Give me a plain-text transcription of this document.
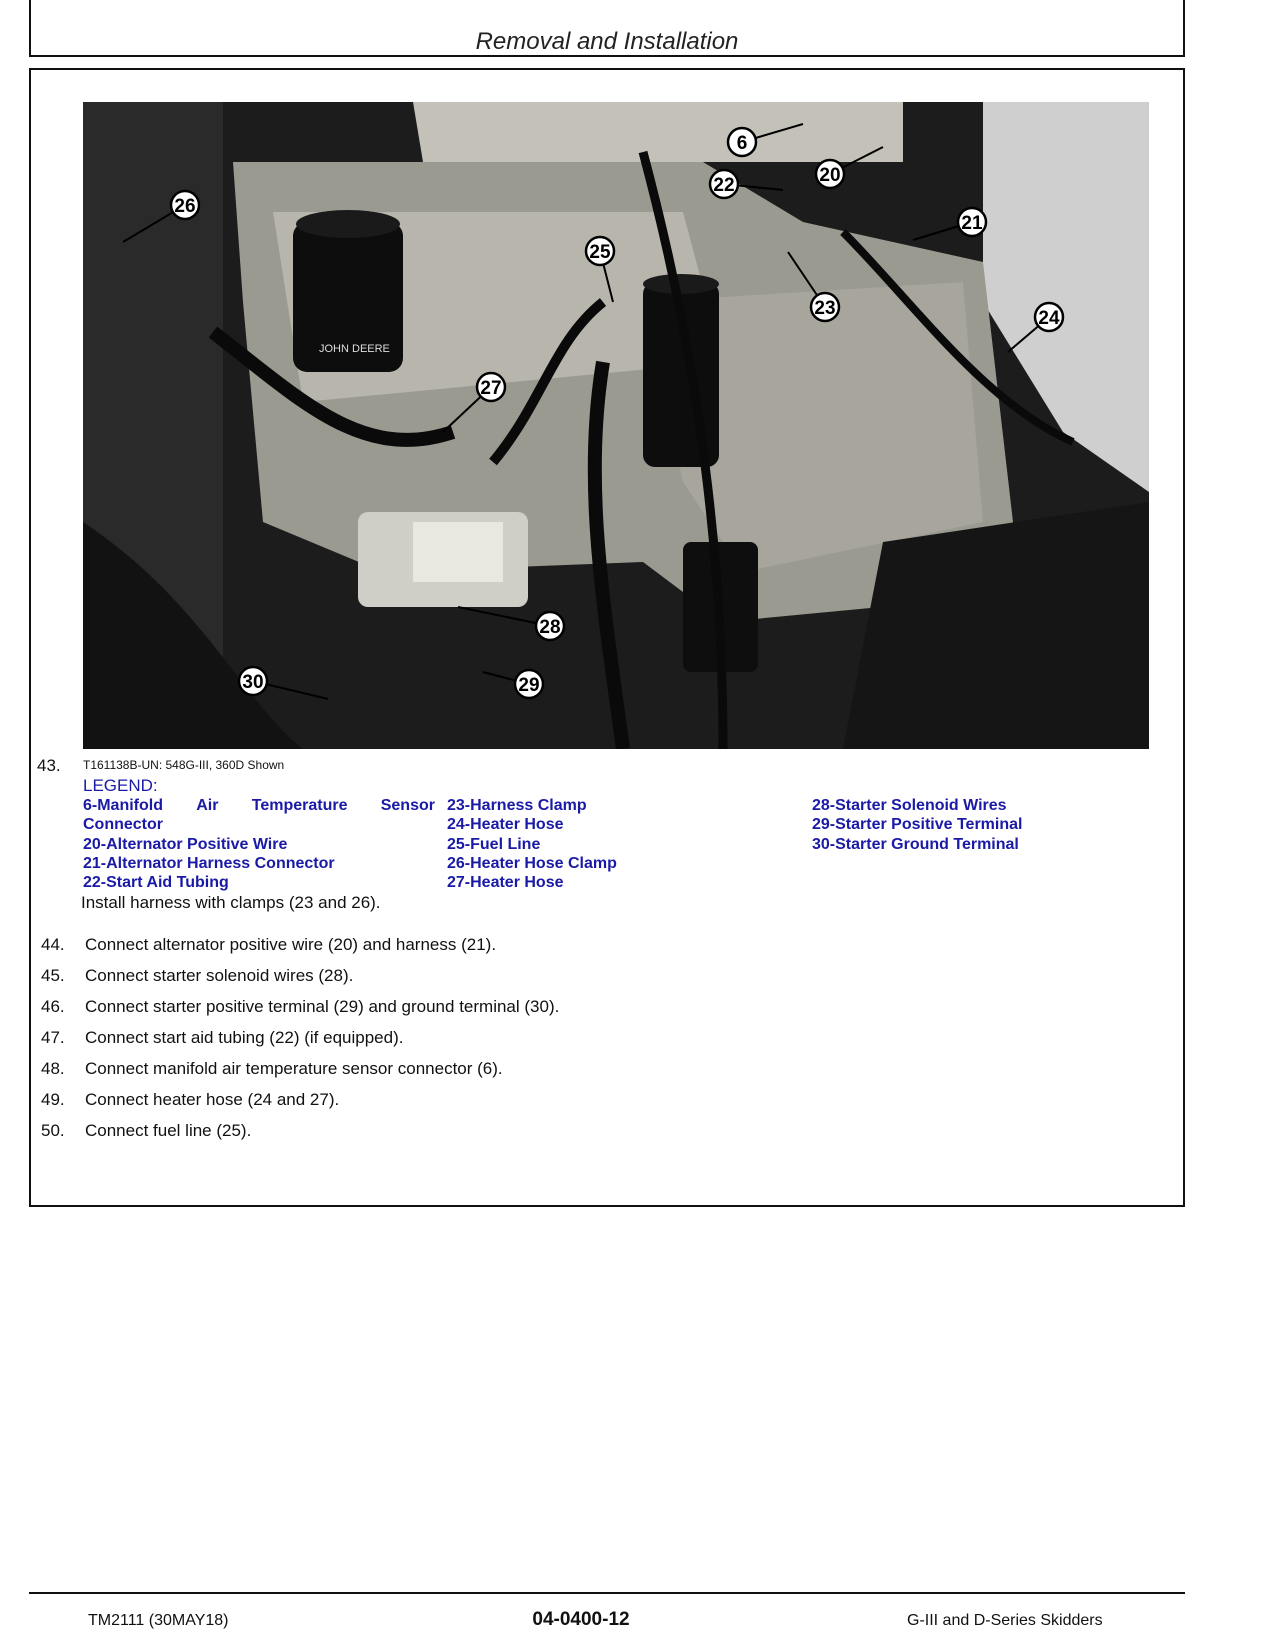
Removal and Installation
JOHN DEERE
6
20
21
22
23	24
25
26
27
28
29
30
43. T161138B-UN: 548G-III, 360D Shown
LEGEND:
6-Manifold Air Temperature Sensor
Connector
20-Alternator Positive Wire
21-Alternator Harness Connector
22-Start Aid Tubing
23-Harness Clamp
24-Heater Hose
25-Fuel Line
26-Heater Hose Clamp
27-Heater Hose
28-Starter Solenoid Wires
29-Starter Positive Terminal
30-Starter Ground Terminal
Install harness with clamps (23 and 26).
44.	Connect alternator positive wire (20) and harness (21).
45.	Connect starter solenoid wires (28).
46.	Connect starter positive terminal (29) and ground terminal (30).
47.	Connect start aid tubing (22) (if equipped).
48.	Connect manifold air temperature sensor connector (6).
49.	Connect heater hose (24 and 27).
50.	Connect fuel line (25).
TM2111 (30MAY18)	04-0400-12	G-III and D-Series Skidders
